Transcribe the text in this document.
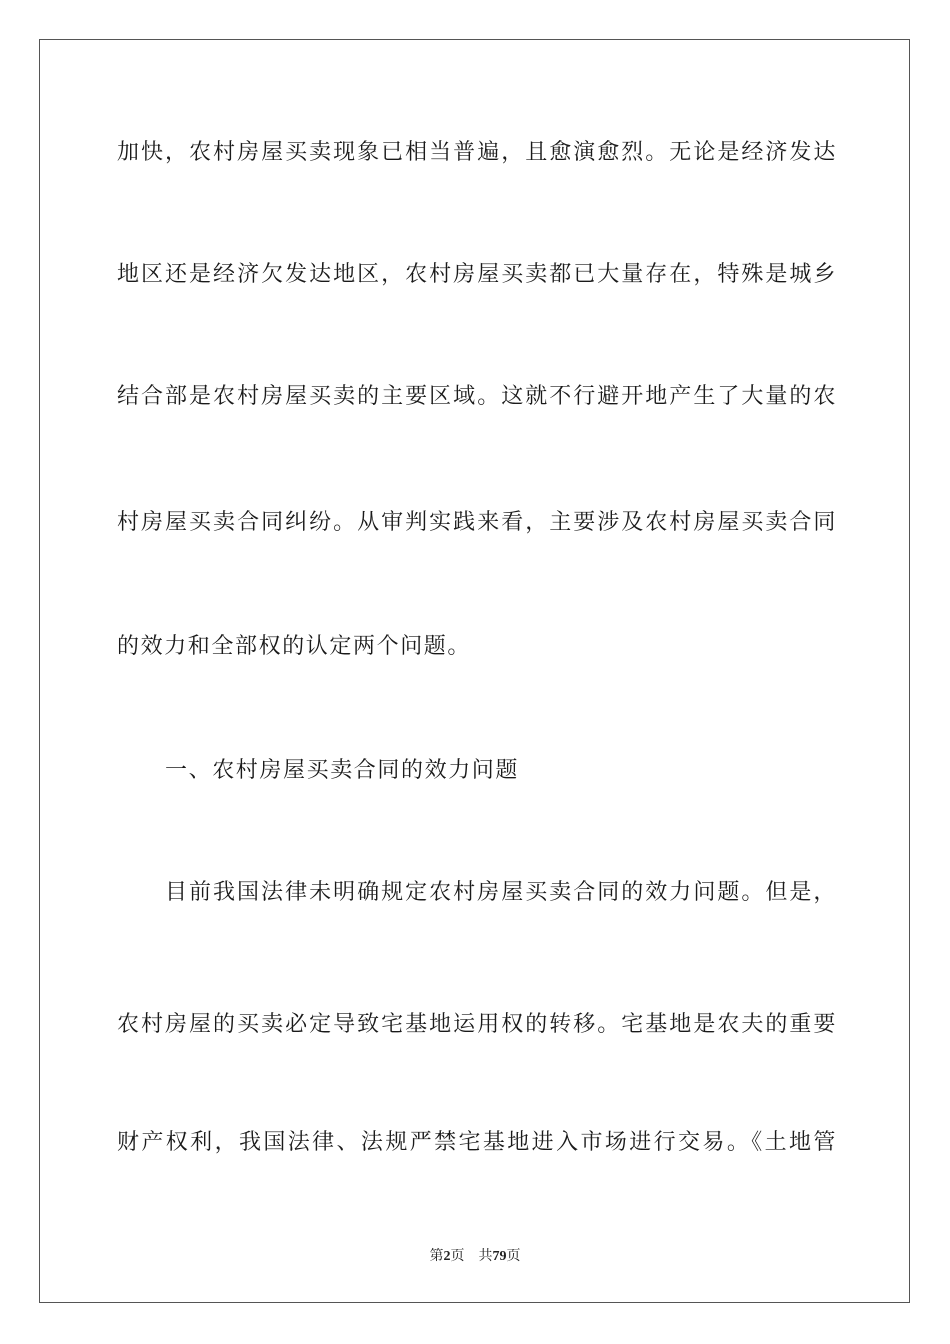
加快，农村房屋买卖现象已相当普遍，且愈演愈烈。无论是经济发达
地区还是经济欠发达地区，农村房屋买卖都已大量存在，特殊是城乡
结合部是农村房屋买卖的主要区域。这就不行避开地产生了大量的农
村房屋买卖合同纠纷。从审判实践来看，主要涉及农村房屋买卖合同
的效力和全部权的认定两个问题。
一、农村房屋买卖合同的效力问题
目前我国法律未明确规定农村房屋买卖合同的效力问题。但是，
农村房屋的买卖必定导致宅基地运用权的转移。宅基地是农夫的重要
财产权利，我国法律、法规严禁宅基地进入市场进行交易。《土地管
第2页 共79页
